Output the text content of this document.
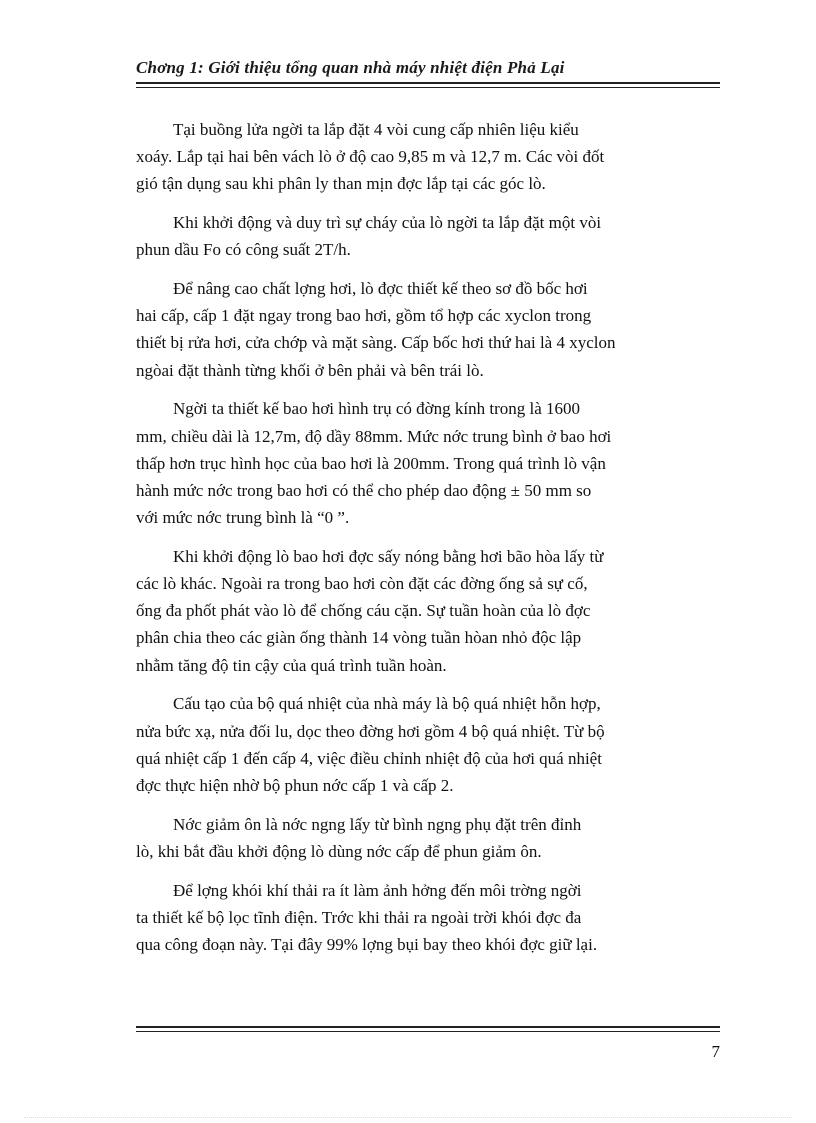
Chơng 1: Giới thiệu tổng quan nhà máy nhiệt điện Phả Lại

Tại buồng lửa ngời ta lắp đặt 4 vòi cung cấp nhiên liệu kiểu
xoáy. Lắp tại hai bên vách lò ở độ cao 9,85 m và 12,7 m. Các vòi đốt
gió tận dụng sau khi phân ly than mịn đợc lắp tại các góc lò.

Khi khởi động và duy trì sự cháy của lò ngời ta lắp đặt một vòi
phun dầu Fo có công suất 2T/h.

Để nâng cao chất lợng hơi, lò đợc thiết kế theo sơ đồ bốc hơi
hai cấp, cấp 1 đặt ngay trong bao hơi, gồm tổ hợp các xyclon trong
thiết bị rửa hơi, cửa chớp và mặt sàng. Cấp bốc hơi thứ hai là 4 xyclon
ngòai đặt thành từng khối ở bên phải và bên trái lò.

Ngời ta thiết kế bao hơi hình trụ có đờng kính trong là 1600
mm, chiều dài là 12,7m, độ dầy 88mm. Mức nớc trung bình ở bao hơi
thấp hơn trục hình học của bao hơi là 200mm. Trong quá trình lò vận
hành mức nớc trong bao hơi có thể cho phép dao động ± 50 mm so
với mức nớc trung bình là “0 ”.

Khi khởi động lò bao hơi đợc sấy nóng bằng hơi bão hòa lấy từ
các lò khác. Ngoài ra trong bao hơi còn đặt các đờng ống sả sự cố,
ống đa phốt phát vào lò để chống cáu cặn. Sự tuần hoàn của lò đợc
phân chia theo các giàn ống thành 14 vòng tuần hòan nhỏ độc lập
nhằm tăng độ tin cậy của quá trình tuần hoàn.

Cấu tạo của bộ quá nhiệt của nhà máy là bộ quá nhiệt hỗn hợp,
nửa bức xạ, nửa đối lu, dọc theo đờng hơi gồm 4 bộ quá nhiệt. Từ bộ
quá nhiệt cấp 1 đến cấp 4, việc điều chỉnh nhiệt độ của hơi quá nhiệt
đợc thực hiện nhờ bộ phun nớc cấp 1 và cấp 2.

Nớc giảm ôn là nớc ngng lấy từ bình ngng phụ đặt trên đỉnh
lò, khi bắt đầu khởi động lò dùng nớc cấp để phun giảm ôn.

Để lợng khói khí thải ra ít làm ảnh hởng đến môi trờng ngời
ta thiết kế bộ lọc tĩnh điện. Trớc khi thải ra ngoài trời khói đợc đa
qua công đoạn này. Tại đây 99% lợng bụi bay theo khói đợc giữ lại.

7
